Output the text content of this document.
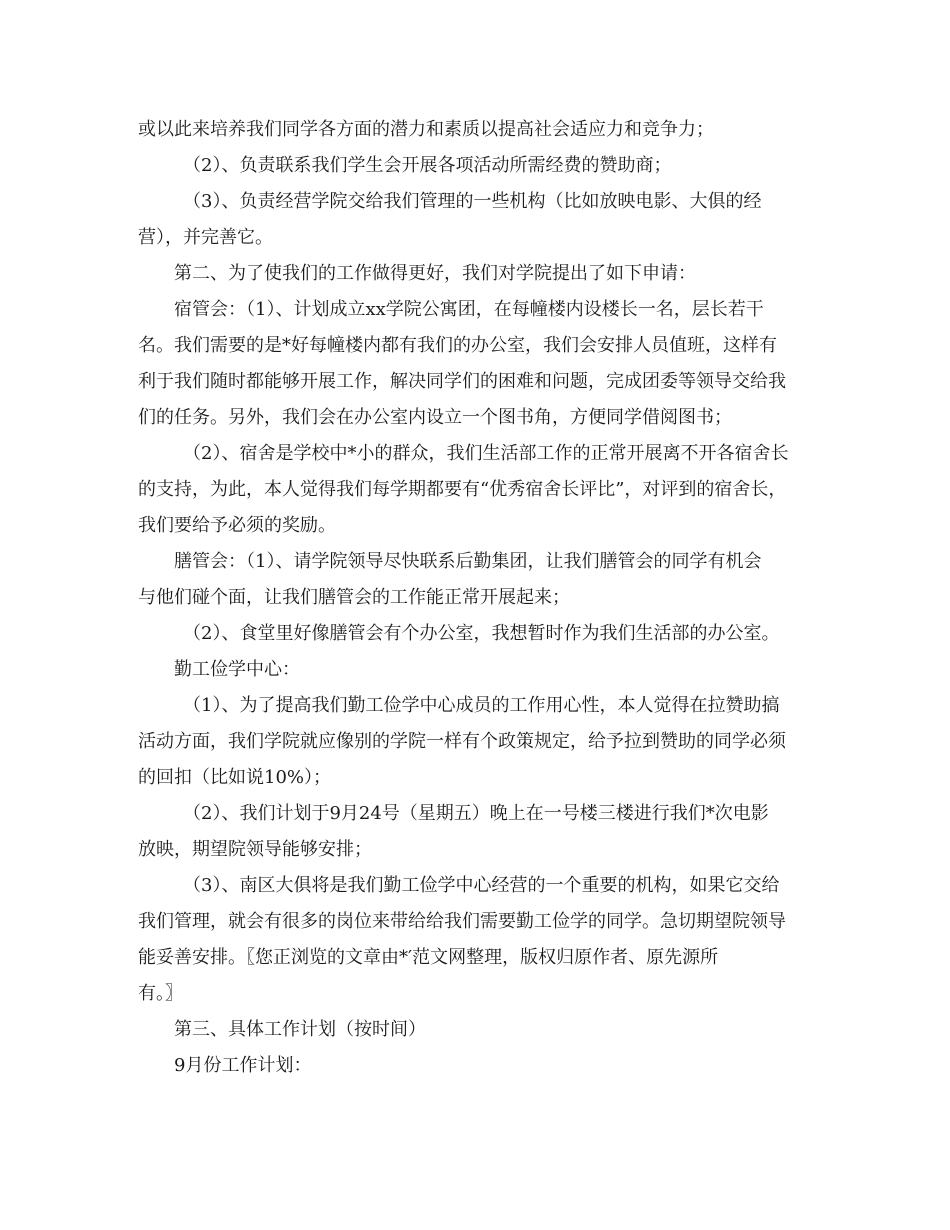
或以此来培养我们同学各方面的潜力和素质以提高社会适应力和竞争力；
（2）、负责联系我们学生会开展各项活动所需经费的赞助商；
（3）、负责经营学院交给我们管理的一些机构（比如放映电影、大俱的经
营），并完善它。
第二、为了使我们的工作做得更好，我们对学院提出了如下申请：
宿管会：（1）、计划成立xx学院公寓团，在每幢楼内设楼长一名，层长若干
名。我们需要的是*好每幢楼内都有我们的办公室，我们会安排人员值班，这样有
利于我们随时都能够开展工作，解决同学们的困难和问题，完成团委等领导交给我
们的任务。另外，我们会在办公室内设立一个图书角，方便同学借阅图书；
（2）、宿舍是学校中*小的群众，我们生活部工作的正常开展离不开各宿舍长
的支持，为此，本人觉得我们每学期都要有“优秀宿舍长评比”，对评到的宿舍长，
我们要给予必须的奖励。
膳管会：（1）、请学院领导尽快联系后勤集团，让我们膳管会的同学有机会
与他们碰个面，让我们膳管会的工作能正常开展起来；
（2）、食堂里好像膳管会有个办公室，我想暂时作为我们生活部的办公室。
勤工俭学中心：
（1）、为了提高我们勤工俭学中心成员的工作用心性，本人觉得在拉赞助搞
活动方面，我们学院就应像别的学院一样有个政策规定，给予拉到赞助的同学必须
的回扣（比如说10%）；
（2）、我们计划于9月24号（星期五）晚上在一号楼三楼进行我们*次电影
放映，期望院领导能够安排；
（3）、南区大俱将是我们勤工俭学中心经营的一个重要的机构，如果它交给
我们管理，就会有很多的岗位来带给给我们需要勤工俭学的同学。急切期望院领导
能妥善安排。〖您正浏览的文章由*′范文网整理，版权归原作者、原先源所
有。〗
第三、具体工作计划（按时间）
9月份工作计划：
